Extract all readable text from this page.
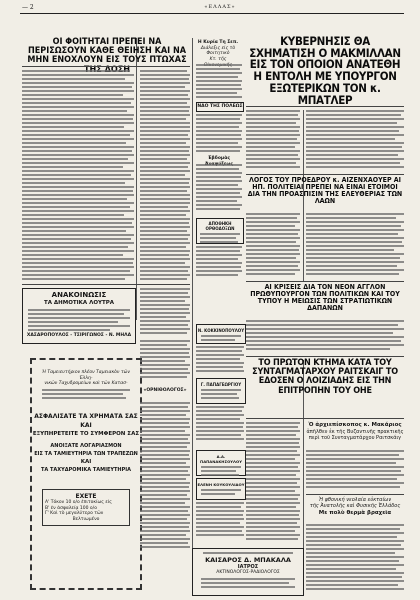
— 2	«ΕΛΛΑΣ»
ΟΙ ΦΟΙΤΗΤΑΙ ΠΡΕΠΕΙ ΝΑ ΠΕΡΙΣΩΣΟΥΝ ΚΑΘΕ ΘΕΙΗΣΗ ΚΑΙ ΝΑ ΜΗΝ ΕΝΟΧΛΟΥΝ ΕΙΣ ΤΟΥΣ ΠΤΩΧΑΣ
Η Κυρία Τη Σεπ.
Διάλεξις εἰς τὸ Φοιτητικὸ
Κτ. τῆς
ΝΑΟ ΤΗΣ ΠΟΛΕΩΣ
Ἐβδομὰς
ΑΠΟΘΗΚΗ ΟΡΘΟΔΟΞΩΝ
ΚΥΒΕΡΝΗΣΙΣ ΘΑ ΣΧΗΜΑΤΙΣΗ Ο ΜΑΚΜΙΛΛΑΝ ΕΙΣ ΤΟΝ ΟΠΟΙΟΝ ΑΝΑΤΕΘΗ Η ΕΝΤΟΛΗ ΜΕ ΥΠΟΥΡΓΟΝ ΕΞΩΤΕΡΙΚΩΝ ΤΟΝ κ. ΜΠΑΤΛΕΡ
ΛΟΓΟΣ ΤΟΥ ΠΡΟΕΔΡΟΥ κ. ΑΙΖΕΝΧΑΟΥΕΡ ΑΙ ΗΠ. ΠΟΛΙΤΕΙΑΙ ΠΡΕΠΕΙ ΝΑ ΕΙΝΑΙ ΕΤΟΙΜΟΙ ΔΙΑ ΤΗΝ ΠΡΟΑΣΠΙΣΙΝ ΤΗΣ ΕΛΕΥΘΕΡΙΑΣ ΤΩΝ ΛΑΩΝ
ΑΙ ΚΡΙΣΕΙΣ ΔΙΑ ΤΟΝ ΝΕΟΝ ΑΓΓΛΟΝ ΠΡΩΘΥΠΟΥΡΓΟΝ ΤΩΝ ΠΟΛΙΤΙΚΩΝ ΚΑΙ ΤΟΥ ΤΥΠΟΥ Η ΜΕΙΩΣΙΣ ΤΩΝ ΣΤΡΑΤΙΩΤΙΚΩΝ ΔΑΠΑΝΩΝ
ΑΝΑΚΟΙΝΩΣΙΣ
ΤΑ ΔΗΜΟΤΙΚΑ ΛΟΥΤΡΑ
ΧΑΣΑΡΟΠΟΥΛΟΣ - ΤΣΙΡΙΓΩΝΟΣ - Ν. ΜΗΛΑ
Ἡ Ταμειευτήριον πλέον Ταμειακὸν τῶν Ἐλλη-
νικῶν Ταχυδρομείων καὶ τῶν Κατασ-
ΑΣΦΑΛΙΣΑΤΕ ΤΑ ΧΡΗΜΑΤΑ ΣΑΣ
ΚΑΙ
ΕΞΥΠΗΡΕΤΕΙΤΕ ΤΟ ΣΥΜΦΕΡΟΝ ΣΑΣ
ΑΝΟΙΞΑΤΕ ΛΟΓΑΡΙΑΣΜΟΝ
ΕΙΣ ΤΑ ΤΑΜΙΕΥΤΗΡΙΑ ΤΩΝ ΤΡΑΠΕΖΩΝ
ΚΑΙ
ΤΑ ΤΑΧΥΔΡΟΜΙΚΑ ΤΑΜΙΕΥΤΗΡΙΑ
ΕΧΕΤΕ
Α' Τόκον 10 ο/ο ἐπιτοκίως εἰς
Β' ἐν ἀσφαλείᾳ 100 ο/ο
Γ' Καὶ τὸ μεγαλύτερο τῶν
Βελτιωμένο
Ν. ΚΟΚΚΙΝΟΠΟΥΛΟΥ
Γ. ΠΑΠΑΓΕΩΡΓΙΟΥ
Δ.Α. ΠΑΠΑΝΑΚΗΣΟΥΛΟΥ
ΕΛΕΝΗ ΚΟΥΚΟΥΛΙΔΟΥ
«ΟΡΝΙΘΟΛΟΓΟΣ»
ΤΟ ΠΡΩΤΟΝ ΚΤΗΜΑ ΚΑΤΑ ΤΟΥ ΣΥΝΤΑΓΜΑΤΑΡΧΟΥ ΡΑΙΤΣΚΑΙΓ ΤΟ ΕΔΟΣΕΝ Ο ΛΟΙΖΙΑΔΗΣ ΕΙΣ ΤΗΝ ΕΠΙΤΡΟΠΗΝ ΤΟΥ ΟΗΕ
Ὁ ἀρχιεπίσκοπος κ. Μακάριος
ἀπῆλθεν ἐκ τῆς Βυζαντινῆς πρακτικῆς
περὶ τοῦ Συνταγματάρχου Ραιτσκάιγ
Ἡ φθονική νεολαία εὐκταίων
τῆς Ἀνατολῆς καὶ Φυσικῆς Ἑλλάδος
Με πολὺ θερμὰ βραχεῖα
ΚΑΙΣΑΡΟΣ Δ. ΜΠΑΚΑΛΑ
ΙΑΤΡΟΣ
ΑΚΤΙΝΟΛΟΓΟΣ-ΡΑΔΙΟΛΟΓΟΣ
